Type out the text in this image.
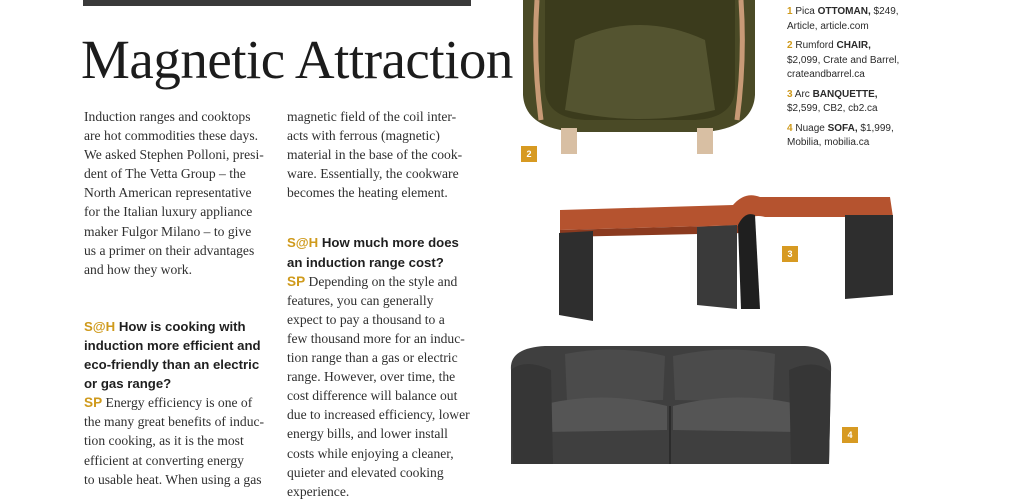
Magnetic Attraction

Induction ranges and cooktops

are hot commodities these days.

We asked Stephen Polloni, presi-

dent of The Vetta Group – the

North American representative

for the Italian luxury appliance

maker Fulgor Milano – to give

us a primer on their advantages

and how they work.

S@H How is cooking with

induction more efficient and

eco-friendly than an electric

or gas range?

SP Energy efficiency is one of

the many great benefits of induc-

tion cooking, as it is the most

efficient at converting energy

to usable heat. When using a gas

magnetic field of the coil inter-

acts with ferrous (magnetic)

material in the base of the cook-

ware. Essentially, the cookware

becomes the heating element.

S@H How much more does

an induction range cost?

SP Depending on the style and

features, you can generally

expect to pay a thousand to a

few thousand more for an induc-

tion range than a gas or electric

range. However, over time, the

cost difference will balance out

due to increased efficiency, lower

energy bills, and lower install

costs while enjoying a cleaner,

quieter and elevated cooking

experience.

2
3
4
1 Pica OTTOMAN, $249,
Article, article.com
2 Rumford CHAIR,
$2,099, Crate and Barrel,
crateandbarrel.ca
3 Arc BANQUETTE,
$2,599, CB2, cb2.ca
4 Nuage SOFA, $1,999,
Mobilia, mobilia.ca
